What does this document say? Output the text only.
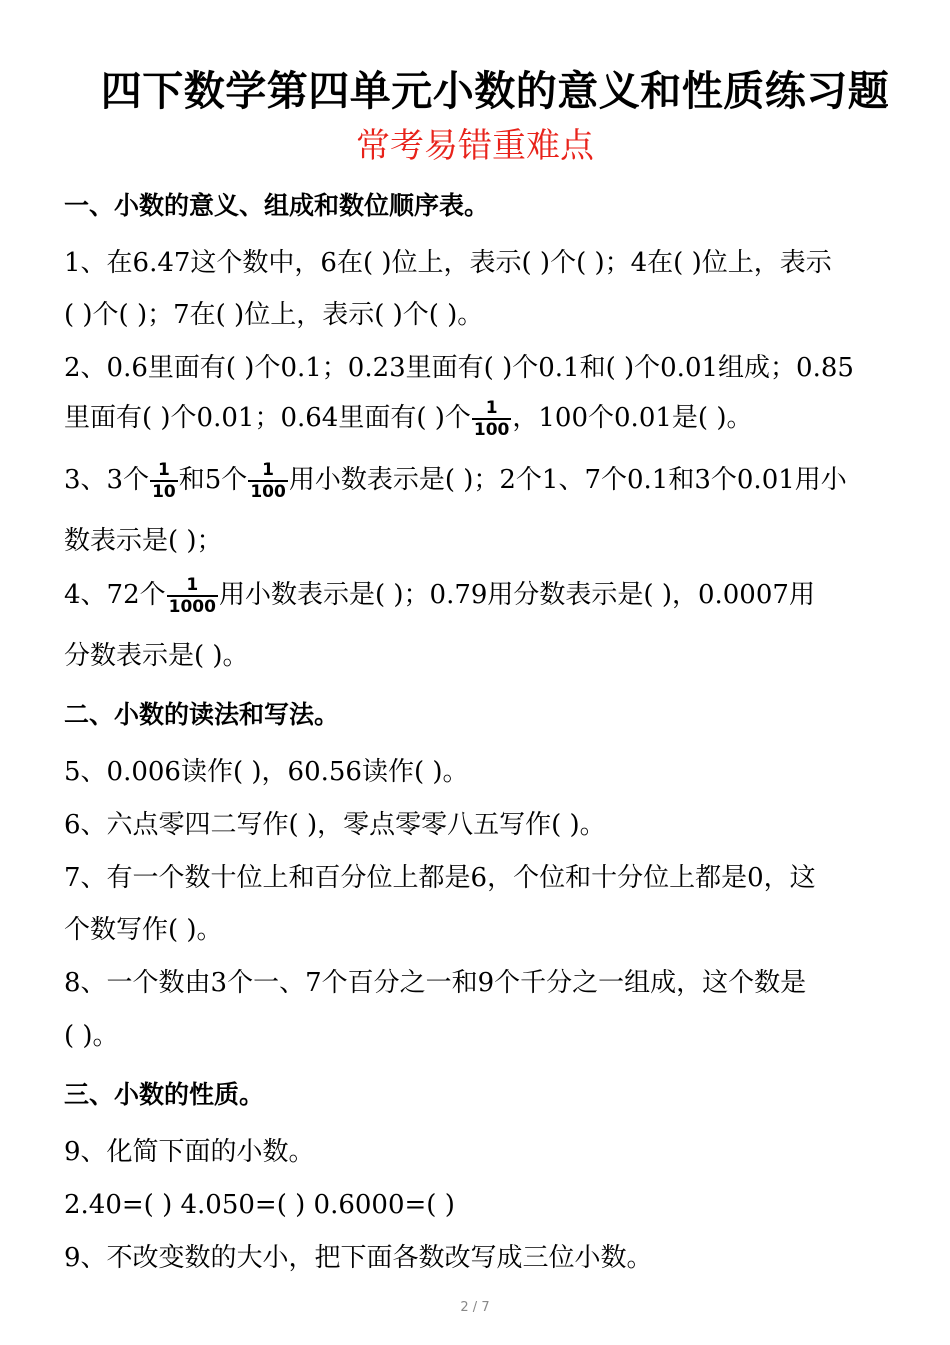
四下数学第四单元小数的意义和性质练习题
常考易错重难点
一、小数的意义、组成和数位顺序表。
1、在6.47这个数中，6在( )位上，表示( )个( )；4在( )位上，表示
( )个( )；7在( )位上，表示( )个( )。
2、0.6里面有( )个0.1；0.23里面有( )个0.1和( )个0.01组成；0.85
里面有( )个0.01；0.64里面有( )个 $\frac{1}{100}$ ，100个0.01是( )。
3、3个 $\frac{1}{10}$ 和5个 $\frac{1}{100}$ 用小数表示是( )；2个1、7个0.1和3个0.01用小
数表示是( )；
4、72个 $\frac{1}{1000}$ 用小数表示是( )；0.79用分数表示是( )，0.0007用
分数表示是( )。
二、小数的读法和写法。
5、0.006读作( )，60.56读作( )。
6、六点零四二写作( )，零点零零八五写作( )。
7、有一个数十位上和百分位上都是6，个位和十分位上都是0，这
个数写作( )。
8、一个数由3个一、7个百分之一和9个千分之一组成，这个数是
( )。
三、小数的性质。
9、化简下面的小数。
2.40=( ) 4.050=( ) 0.6000=( )
9、不改变数的大小，把下面各数改写成三位小数。
2 / 7
